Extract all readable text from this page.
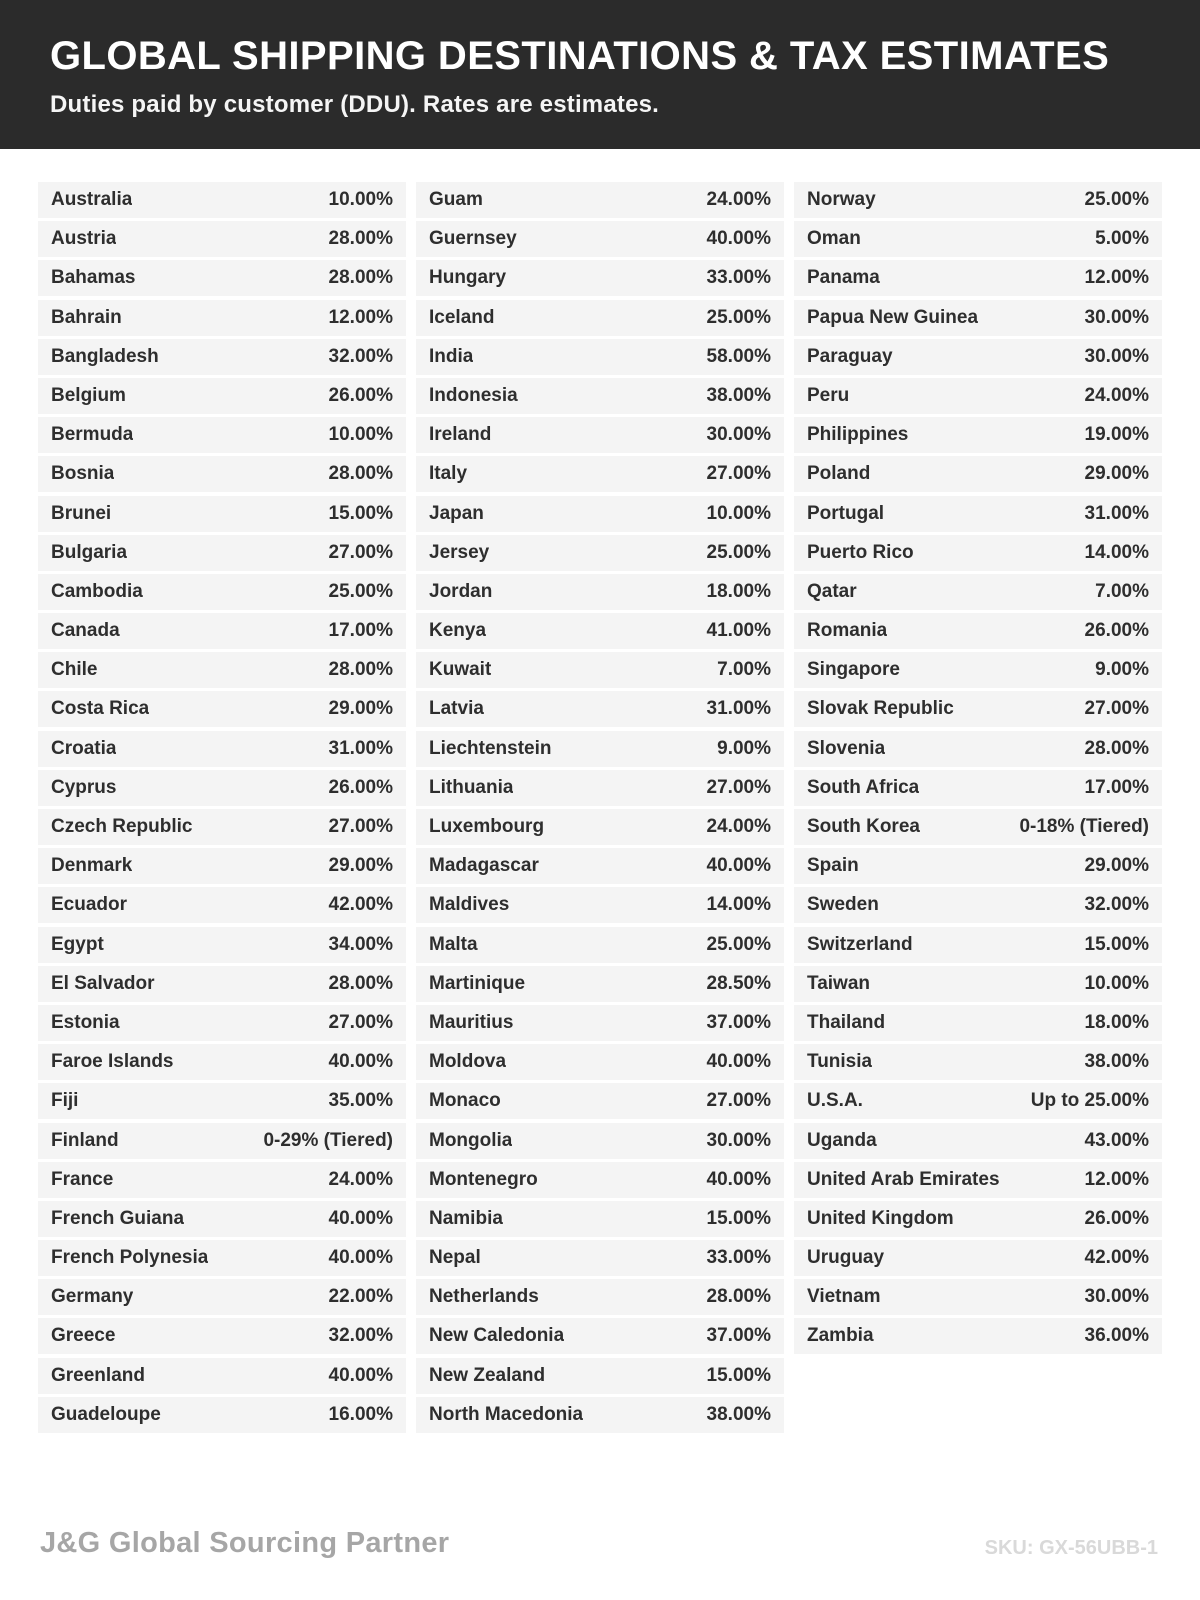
GLOBAL SHIPPING DESTINATIONS & TAX ESTIMATES

Duties paid by customer (DDU). Rates are estimates.

Australia	10.00%
Austria	28.00%
Bahamas	28.00%
Bahrain	12.00%
Bangladesh	32.00%
Belgium	26.00%
Bermuda	10.00%
Bosnia	28.00%
Brunei	15.00%
Bulgaria	27.00%
Cambodia	25.00%
Canada	17.00%
Chile	28.00%
Costa Rica	29.00%
Croatia	31.00%
Cyprus	26.00%
Czech Republic	27.00%
Denmark	29.00%
Ecuador	42.00%
Egypt	34.00%
El Salvador	28.00%
Estonia	27.00%
Faroe Islands	40.00%
Fiji	35.00%
Finland	0-29% (Tiered)
France	24.00%
French Guiana	40.00%
French Polynesia	40.00%
Germany	22.00%
Greece	32.00%
Greenland	40.00%
Guadeloupe	16.00%
Guam	24.00%
Guernsey	40.00%
Hungary	33.00%
Iceland	25.00%
India	58.00%
Indonesia	38.00%
Ireland	30.00%
Italy	27.00%
Japan	10.00%
Jersey	25.00%
Jordan	18.00%
Kenya	41.00%
Kuwait	7.00%
Latvia	31.00%
Liechtenstein	9.00%
Lithuania	27.00%
Luxembourg	24.00%
Madagascar	40.00%
Maldives	14.00%
Malta	25.00%
Martinique	28.50%
Mauritius	37.00%
Moldova	40.00%
Monaco	27.00%
Mongolia	30.00%
Montenegro	40.00%
Namibia	15.00%
Nepal	33.00%
Netherlands	28.00%
New Caledonia	37.00%
New Zealand	15.00%
North Macedonia	38.00%
Norway	25.00%
Oman	5.00%
Panama	12.00%
Papua New Guinea	30.00%
Paraguay	30.00%
Peru	24.00%
Philippines	19.00%
Poland	29.00%
Portugal	31.00%
Puerto Rico	14.00%
Qatar	7.00%
Romania	26.00%
Singapore	9.00%
Slovak Republic	27.00%
Slovenia	28.00%
South Africa	17.00%
South Korea	0-18% (Tiered)
Spain	29.00%
Sweden	32.00%
Switzerland	15.00%
Taiwan	10.00%
Thailand	18.00%
Tunisia	38.00%
U.S.A.	Up to 25.00%
Uganda	43.00%
United Arab Emirates	12.00%
United Kingdom	26.00%
Uruguay	42.00%
Vietnam	30.00%
Zambia	36.00%
J&G Global Sourcing Partner	SKU: GX-56UBB-1
